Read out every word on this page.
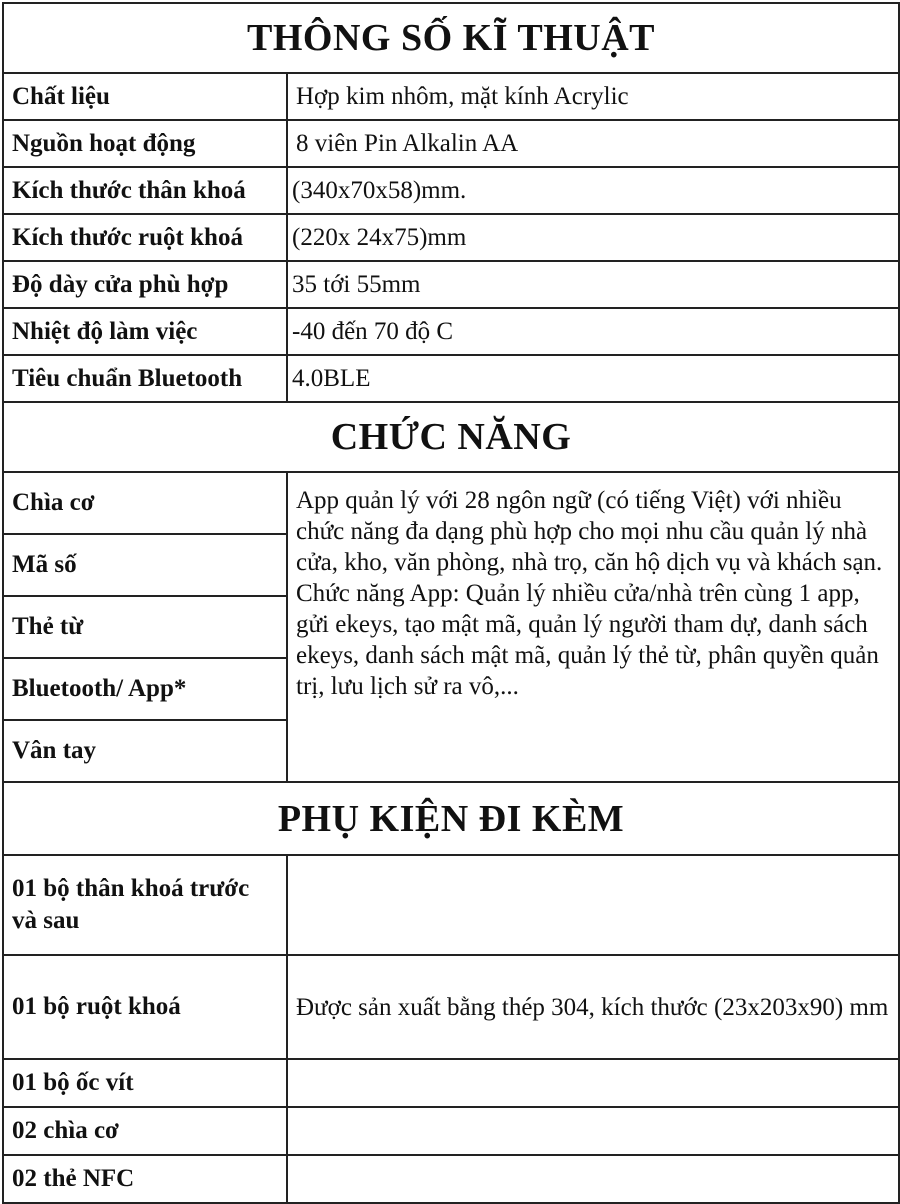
THÔNG SỐ KĨ THUẬT	
Chất liệu	Hợp kim nhôm, mặt kính Acrylic
Nguồn hoạt động	8 viên Pin Alkalin AA
Kích thước thân khoá	(340x70x58)mm.
Kích thước ruột khoá	(220x 24x75)mm
Độ dày cửa phù hợp	35 tới 55mm
Nhiệt độ làm việc	-40 đến 70 độ C
Tiêu chuẩn Bluetooth	4.0BLE
CHỨC NĂNG	
Chìa cơ	App quản lý với 28 ngôn ngữ (có tiếng Việt) với nhiều chức năng đa dạng phù hợp cho mọi nhu cầu quản lý nhà cửa, kho, văn phòng, nhà trọ, căn hộ dịch vụ và khách sạn. Chức năng App: Quản lý nhiều cửa/nhà trên cùng 1 app, gửi ekeys, tạo mật mã, quản lý người tham dự, danh sách ekeys, danh sách mật mã, quản lý thẻ từ, phân quyền quản trị, lưu lịch sử ra vô,...
Mã số	
Thẻ từ	
Bluetooth/ App*	
Vân tay	
PHỤ KIỆN ĐI KÈM	
01 bộ thân khoá trước và sau	
01 bộ ruột khoá	Được sản xuất bằng thép 304, kích thước (23x203x90) mm
01 bộ ốc vít	
02 chìa cơ	
02 thẻ NFC	
